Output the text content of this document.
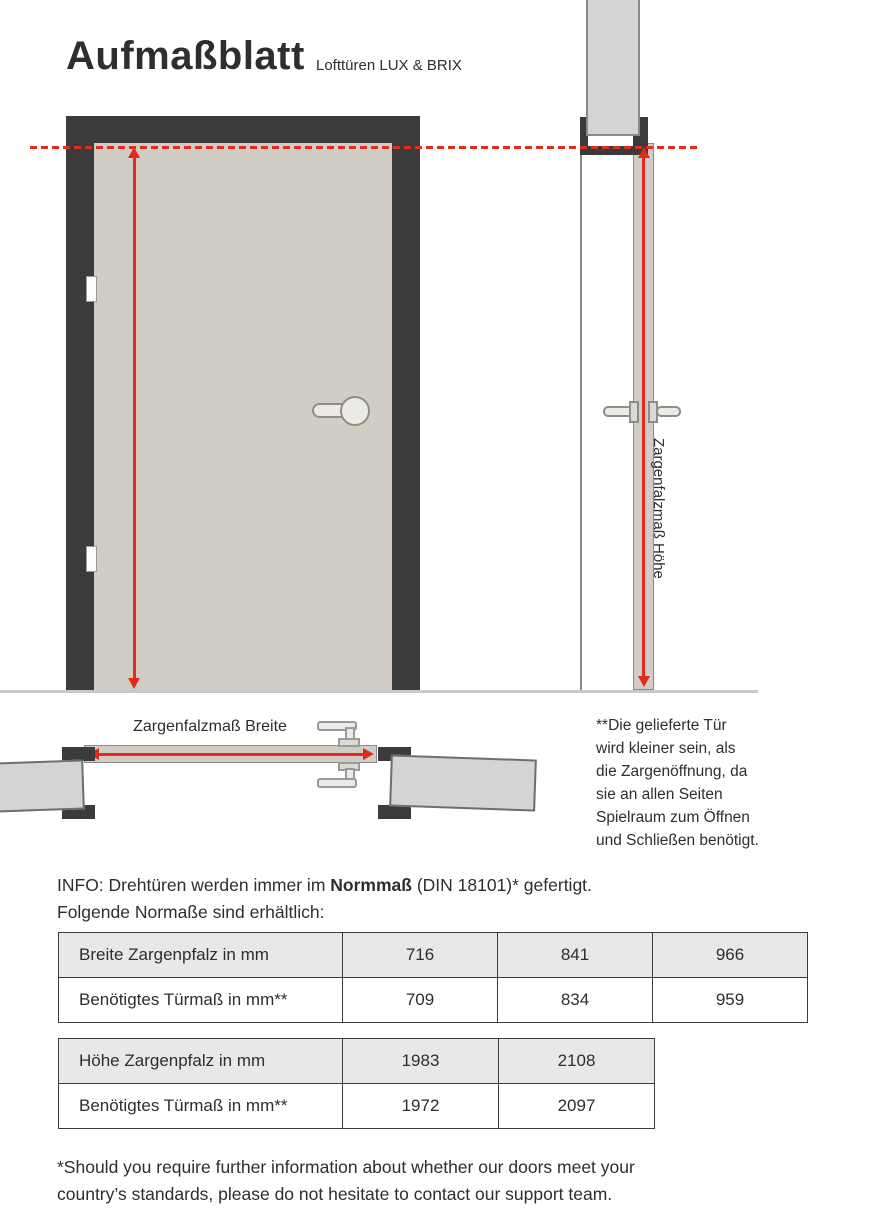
Aufmaßblatt Lofttüren LUX & BRIX
Zargenfalzmaß Höhe
Zargenfalzmaß Breite	**Die gelieferte Tür
wird kleiner sein, als
die Zargenöffnung, da
sie an allen Seiten
Spielraum zum Öffnen
und Schließen benötigt.
INFO: Drehtüren werden immer im Normmaß (DIN 18101)* gefertigt.
Folgende Normaße sind erhältlich:
Breite Zargenpfalz in mm	716	841	966
Benötigtes Türmaß in mm**	709	834	959
Höhe Zargenpfalz in mm	1983	2108
Benötigtes Türmaß in mm**	1972	2097
*Should you require further information about whether our doors meet your
country’s standards, please do not hesitate to contact our support team.
